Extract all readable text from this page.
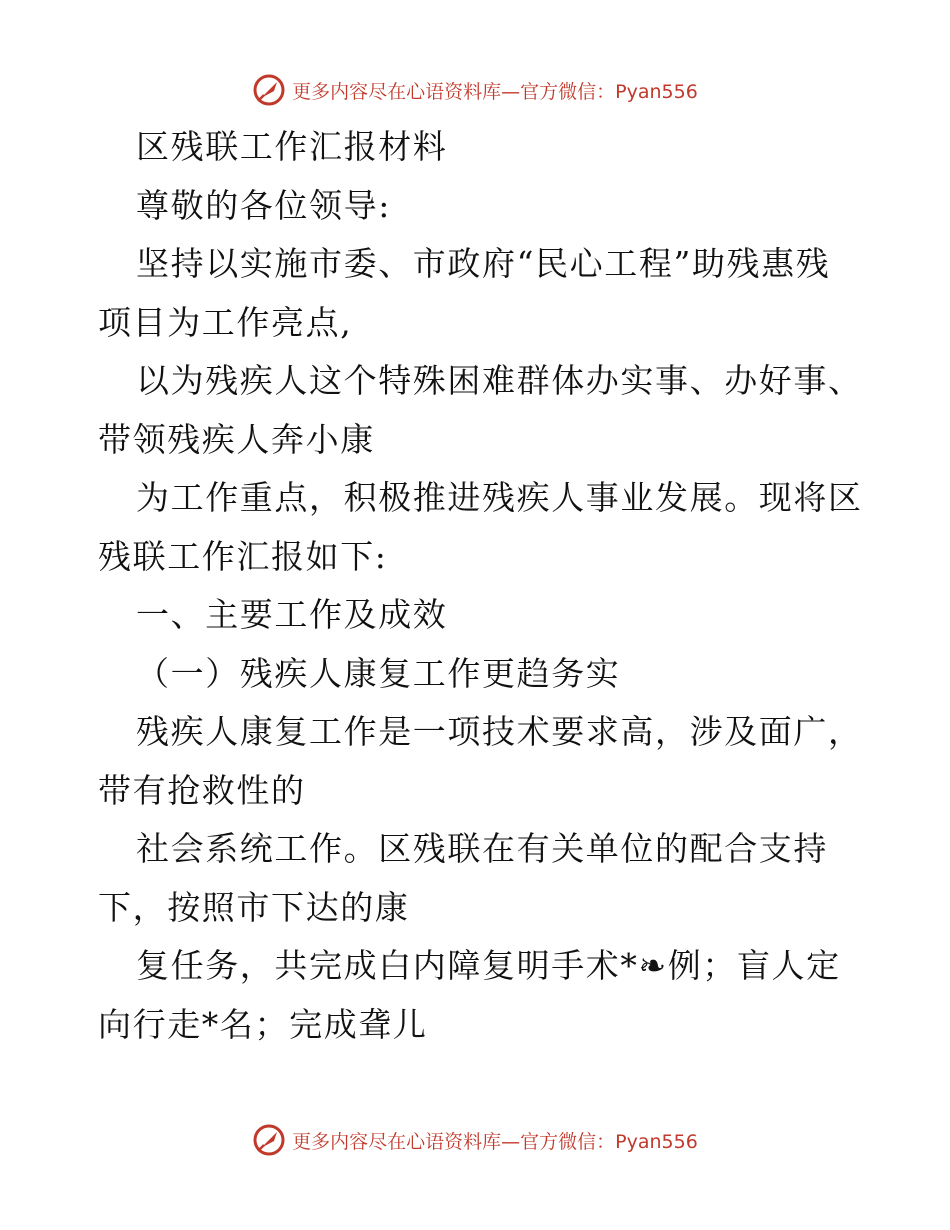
更多内容尽在心语资料库—官方微信：Pyan556
区残联工作汇报材料
尊敬的各位领导:
坚持以实施市委、市政府“民心工程”助残惠残
项目为工作亮点,
以为残疾人这个特殊困难群体办实事、办好事、
带领残疾人奔小康
为工作重点，积极推进残疾人事业发展。现将区
残联工作汇报如下:
一、主要工作及成效
（一）残疾人康复工作更趋务实
残疾人康复工作是一项技术要求高，涉及面广，
带有抢救性的
社会系统工作。区残联在有关单位的配合支持
下，按照市下达的康
复任务，共完成白内障复明手术*❧例；盲人定
向行走*名；完成聋儿
更多内容尽在心语资料库—官方微信：Pyan556
